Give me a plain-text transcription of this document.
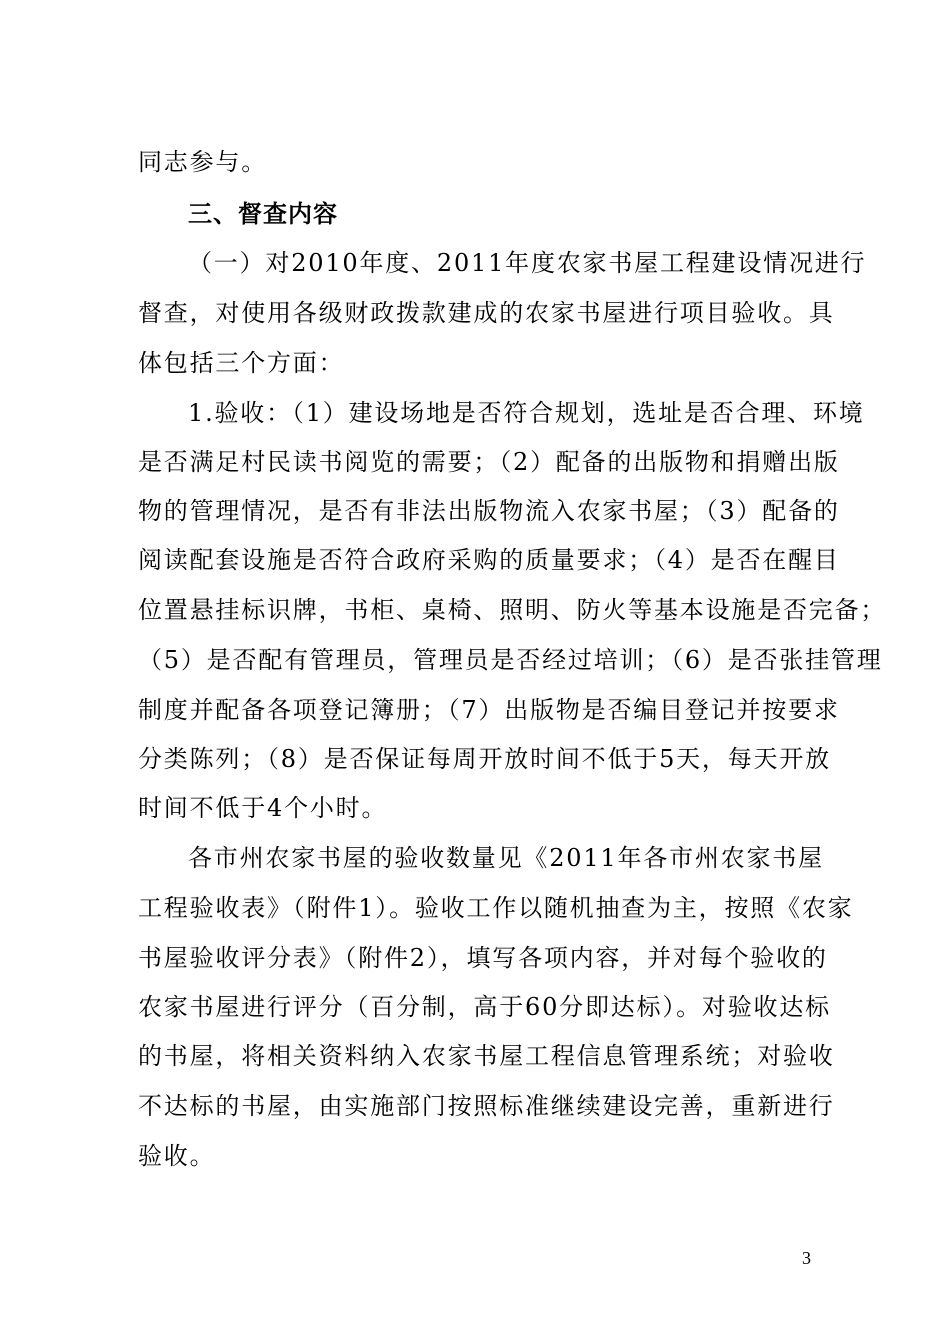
同志参与。
三、督查内容
（一）对2010年度、2011年度农家书屋工程建设情况进行
督查，对使用各级财政拨款建成的农家书屋进行项目验收。具
体包括三个方面：
1.验收：（1）建设场地是否符合规划，选址是否合理、环境
是否满足村民读书阅览的需要；（2）配备的出版物和捐赠出版
物的管理情况，是否有非法出版物流入农家书屋；（3）配备的
阅读配套设施是否符合政府采购的质量要求；（4）是否在醒目
位置悬挂标识牌，书柜、桌椅、照明、防火等基本设施是否完备；
（5）是否配有管理员，管理员是否经过培训；（6）是否张挂管理
制度并配备各项登记簿册；（7）出版物是否编目登记并按要求
分类陈列；（8）是否保证每周开放时间不低于5天，每天开放
时间不低于4个小时。
各市州农家书屋的验收数量见《2011年各市州农家书屋
工程验收表》（附件1）。验收工作以随机抽查为主，按照《农家
书屋验收评分表》（附件2），填写各项内容，并对每个验收的
农家书屋进行评分（百分制，高于60分即达标）。对验收达标
的书屋，将相关资料纳入农家书屋工程信息管理系统；对验收
不达标的书屋，由实施部门按照标准继续建设完善，重新进行
验收。
3
